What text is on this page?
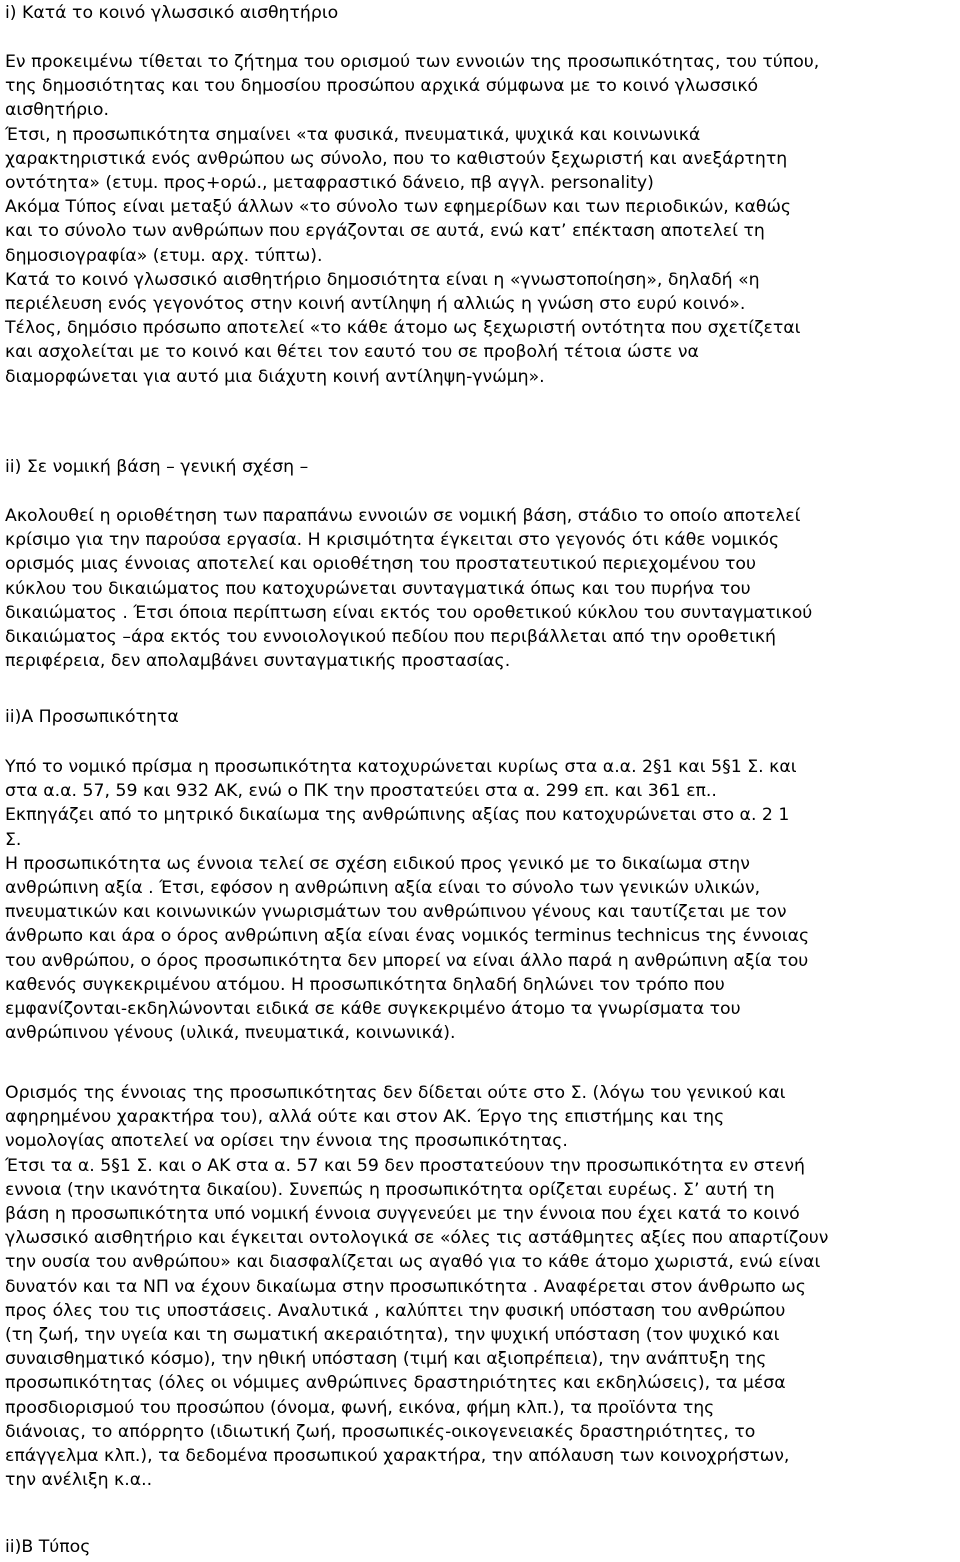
i) Κατά το κοινό γλωσσικό αισθητήριο

Εν προκειμένω τίθεται το ζήτημα του ορισμού των εννοιών της προσωπικότητας, του τύπου,
της δημοσιότητας και του δημοσίου προσώπου αρχικά σύμφωνα με το κοινό γλωσσικό
αισθητήριο.
Έτσι, η προσωπικότητα σημαίνει «τα φυσικά, πνευματικά, ψυχικά και κοινωνικά
χαρακτηριστικά ενός ανθρώπου ως σύνολο, που το καθιστούν ξεχωριστή και ανεξάρτητη
οντότητα» (ετυμ. προς+ορώ., μεταφραστικό δάνειο, πβ αγγλ. personality)
Ακόμα Τύπος είναι μεταξύ άλλων «το σύνολο των εφημερίδων και των περιοδικών, καθώς
και το σύνολο των ανθρώπων που εργάζονται σε αυτά, ενώ κατ’ επέκταση αποτελεί τη
δημοσιογραφία» (ετυμ. αρχ. τύπτω).
Κατά το κοινό γλωσσικό αισθητήριο δημοσιότητα είναι η «γνωστοποίηση», δηλαδή «η
περιέλευση ενός γεγονότος στην κοινή αντίληψη ή αλλιώς η γνώση στο ευρύ κοινό».
Τέλος, δημόσιο πρόσωπο αποτελεί «το κάθε άτομο ως ξεχωριστή οντότητα που σχετίζεται
και ασχολείται με το κοινό και θέτει τον εαυτό του σε προβολή τέτοια ώστε να
διαμορφώνεται για αυτό μια διάχυτη κοινή αντίληψη-γνώμη».

ii) Σε νομική βάση – γενική σχέση –

Ακολουθεί η οριοθέτηση των παραπάνω εννοιών σε νομική βάση, στάδιο το οποίο αποτελεί
κρίσιμο για την παρούσα εργασία. Η κρισιμότητα έγκειται στο γεγονός ότι κάθε νομικός
ορισμός μιας έννοιας αποτελεί και οριοθέτηση του προστατευτικού περιεχομένου του
κύκλου του δικαιώματος που κατοχυρώνεται συνταγματικά όπως και του πυρήνα του
δικαιώματος . Έτσι όποια περίπτωση είναι εκτός του οροθετικού κύκλου του συνταγματικού
δικαιώματος –άρα εκτός του εννοιολογικού πεδίου που περιβάλλεται από την οροθετική
περιφέρεια, δεν απολαμβάνει συνταγματικής προστασίας.

ii)Α Προσωπικότητα

Υπό το νομικό πρίσμα η προσωπικότητα κατοχυρώνεται κυρίως στα α.α. 2§1 και 5§1 Σ. και
στα α.α. 57, 59 και 932 ΑΚ, ενώ ο ΠΚ την προστατεύει στα α. 299 επ. και 361 επ..
Εκπηγάζει από το μητρικό δικαίωμα της ανθρώπινης αξίας που κατοχυρώνεται στο α. 2 1
Σ.
Η προσωπικότητα ως έννοια τελεί σε σχέση ειδικού προς γενικό με το δικαίωμα στην
ανθρώπινη αξία . Έτσι, εφόσον η ανθρώπινη αξία είναι το σύνολο των γενικών υλικών,
πνευματικών και κοινωνικών γνωρισμάτων του ανθρώπινου γένους και ταυτίζεται με τον
άνθρωπο και άρα ο όρος ανθρώπινη αξία είναι ένας νομικός terminus technicus της έννοιας
του ανθρώπου, ο όρος προσωπικότητα δεν μπορεί να είναι άλλο παρά η ανθρώπινη αξία του
καθενός συγκεκριμένου ατόμου. Η προσωπικότητα δηλαδή δηλώνει τον τρόπο που
εμφανίζονται-εκδηλώνονται ειδικά σε κάθε συγκεκριμένο άτομο τα γνωρίσματα του
ανθρώπινου γένους (υλικά, πνευματικά, κοινωνικά).

Ορισμός της έννοιας της προσωπικότητας δεν δίδεται ούτε στο Σ. (λόγω του γενικού και
αφηρημένου χαρακτήρα του), αλλά ούτε και στον ΑΚ. Έργο της επιστήμης και της
νομολογίας αποτελεί να ορίσει την έννοια της προσωπικότητας.
Έτσι τα α. 5§1 Σ. και ο ΑΚ στα α. 57 και 59 δεν προστατεύουν την προσωπικότητα εν στενή
εννοια (την ικανότητα δικαίου). Συνεπώς η προσωπικότητα ορίζεται ευρέως. Σ’ αυτή τη
βάση η προσωπικότητα υπό νομική έννοια συγγενεύει με την έννοια που έχει κατά το κοινό
γλωσσικό αισθητήριο και έγκειται οντολογικά σε «όλες τις αστάθμητες αξίες που απαρτίζουν
την ουσία του ανθρώπου» και διασφαλίζεται ως αγαθό για το κάθε άτομο χωριστά, ενώ είναι
δυνατόν και τα ΝΠ να έχουν δικαίωμα στην προσωπικότητα . Αναφέρεται στον άνθρωπο ως
προς όλες του τις υποστάσεις. Αναλυτικά , καλύπτει την φυσική υπόσταση του ανθρώπου
(τη ζωή, την υγεία και τη σωματική ακεραιότητα), την ψυχική υπόσταση (τον ψυχικό και
συναισθηματικό κόσμο), την ηθική υπόσταση (τιμή και αξιοπρέπεια), την ανάπτυξη της
προσωπικότητας (όλες οι νόμιμες ανθρώπινες δραστηριότητες και εκδηλώσεις), τα μέσα
προσδιορισμού του προσώπου (όνομα, φωνή, εικόνα, φήμη κλπ.), τα προϊόντα της
διάνοιας, το απόρρητο (ιδιωτική ζωή, προσωπικές-οικογενειακές δραστηριότητες, το
επάγγελμα κλπ.), τα δεδομένα προσωπικού χαρακτήρα, την απόλαυση των κοινοχρήστων,
την ανέλιξη κ.α..

ii)Β Τύπος
